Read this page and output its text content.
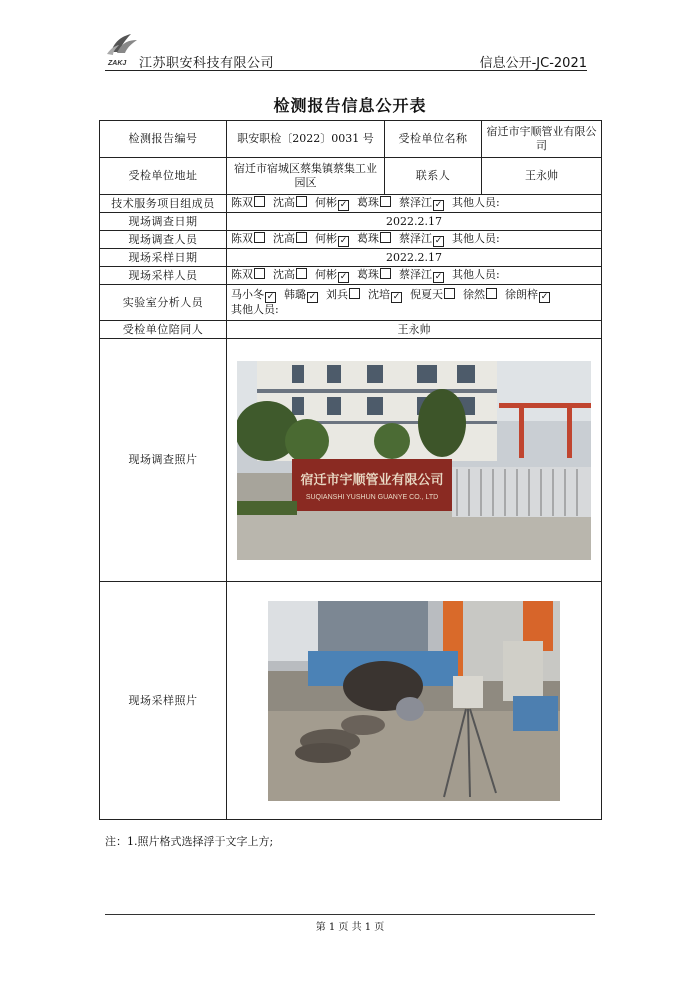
ZAKJ 江苏职安科技有限公司	信息公开-JC-2021
检测报告信息公开表
检测报告编号	职安职检〔2022〕0031 号	受检单位名称	宿迁市宇顺管业有限公司
受检单位地址	宿迁市宿城区蔡集镇蔡集工业园区	联系人	王永帅
技术服务项目组成员	陈双 沈高 何彬 ✓ 葛珠 蔡泽江 ✓ 其他人员:		
现场调查日期	2022.2.17		
现场调查人员	陈双 沈高 何彬 ✓ 葛珠 蔡泽江 ✓ 其他人员:		
现场采样日期	2022.2.17		
现场采样人员	陈双 沈高 何彬 ✓ 葛珠 蔡泽江 ✓ 其他人员:		
实验室分析人员	马小冬 ✓ 韩璐 ✓ 刘兵 沈培 ✓ 倪夏天 徐然 徐朗梓 ✓
其他人员:		
受检单位陪同人	王永帅		
现场调查照片	宿迁市宇顺管业有限公司
SUQIANSHI YUSHUN GUANYE CO., LTD		

现场采样照片	
注：1.照片格式选择浮于文字上方;
第 1 页 共 1 页
